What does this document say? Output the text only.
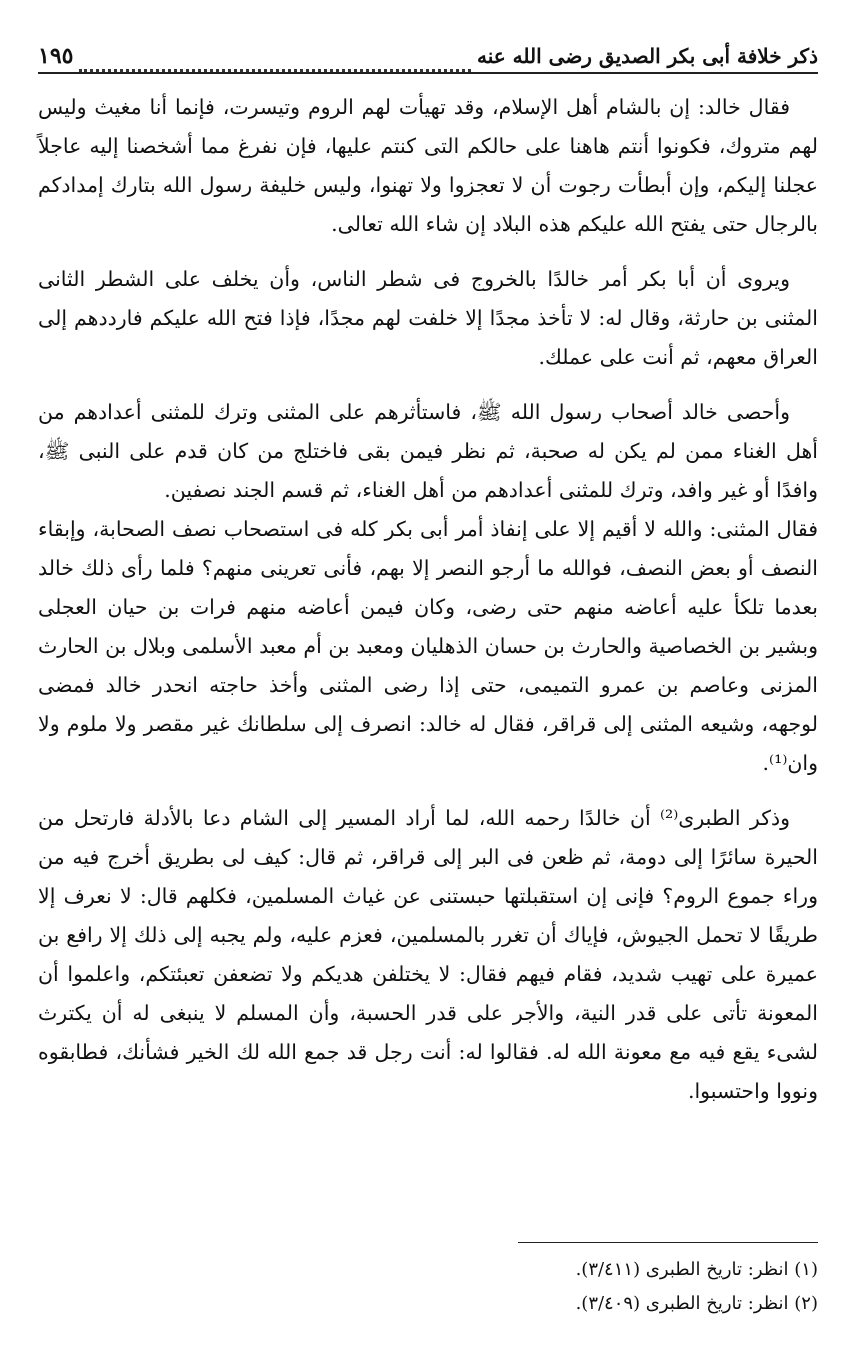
ذكر خلافة أبى بكر الصديق رضى الله عنه
١٩٥

فقال خالد: إن بالشام أهل الإسلام، وقد تهيأت لهم الروم وتيسرت، فإنما أنا مغيث وليس لهم متروك، فكونوا أنتم هاهنا على حالكم التى كنتم عليها، فإن نفرغ مما أشخصنا إليه عاجلاً عجلنا إليكم، وإن أبطأت رجوت أن لا تعجزوا ولا تهنوا، وليس خليفة رسول الله بتارك إمدادكم بالرجال حتى يفتح الله عليكم هذه البلاد إن شاء الله تعالى.

ويروى أن أبا بكر أمر خالدًا بالخروج فى شطر الناس، وأن يخلف على الشطر الثانى المثنى بن حارثة، وقال له: لا تأخذ مجدًا إلا خلفت لهم مجدًا، فإذا فتح الله عليكم فارددهم إلى العراق معهم، ثم أنت على عملك.

وأحصى خالد أصحاب رسول الله ﷺ، فاستأثرهم على المثنى وترك للمثنى أعدادهم من أهل الغناء ممن لم يكن له صحبة، ثم نظر فيمن بقى فاختلج من كان قدم على النبى ﷺ، وافدًا أو غير وافد، وترك للمثنى أعدادهم من أهل الغناء، ثم قسم الجند نصفين.

فقال المثنى: والله لا أقيم إلا على إنفاذ أمر أبى بكر كله فى استصحاب نصف الصحابة، وإبقاء النصف أو بعض النصف، فوالله ما أرجو النصر إلا بهم، فأنى تعرينى منهم؟ فلما رأى ذلك خالد بعدما تلكأ عليه أعاضه منهم حتى رضى، وكان فيمن أعاضه منهم فرات بن حيان العجلى وبشير بن الخصاصية والحارث بن حسان الذهليان ومعبد بن أم معبد الأسلمى وبلال بن الحارث المزنى وعاصم بن عمرو التميمى، حتى إذا رضى المثنى وأخذ حاجته انحدر خالد فمضى لوجهه، وشيعه المثنى إلى قراقر، فقال له خالد: انصرف إلى سلطانك غير مقصر ولا ملوم ولا وان⁽¹⁾.

وذكر الطبرى⁽²⁾ أن خالدًا رحمه الله، لما أراد المسير إلى الشام دعا بالأدلة فارتحل من الحيرة سائرًا إلى دومة، ثم ظعن فى البر إلى قراقر، ثم قال: كيف لى بطريق أخرج فيه من وراء جموع الروم؟ فإنى إن استقبلتها حبستنى عن غياث المسلمين، فكلهم قال: لا نعرف إلا طريقًا لا تحمل الجيوش، فإياك أن تغرر بالمسلمين، فعزم عليه، ولم يجبه إلى ذلك إلا رافع بن عميرة على تهيب شديد، فقام فيهم فقال: لا يختلفن هديكم ولا تضعفن تعبئتكم، واعلموا أن المعونة تأتى على قدر النية، والأجر على قدر الحسبة، وأن المسلم لا ينبغى له أن يكترث لشىء يقع فيه مع معونة الله له. فقالوا له: أنت رجل قد جمع الله لك الخير فشأنك، فطابقوه ونووا واحتسبوا.

(١) انظر: تاريخ الطبرى (٣/٤١١).
(٢) انظر: تاريخ الطبرى (٣/٤٠٩).
